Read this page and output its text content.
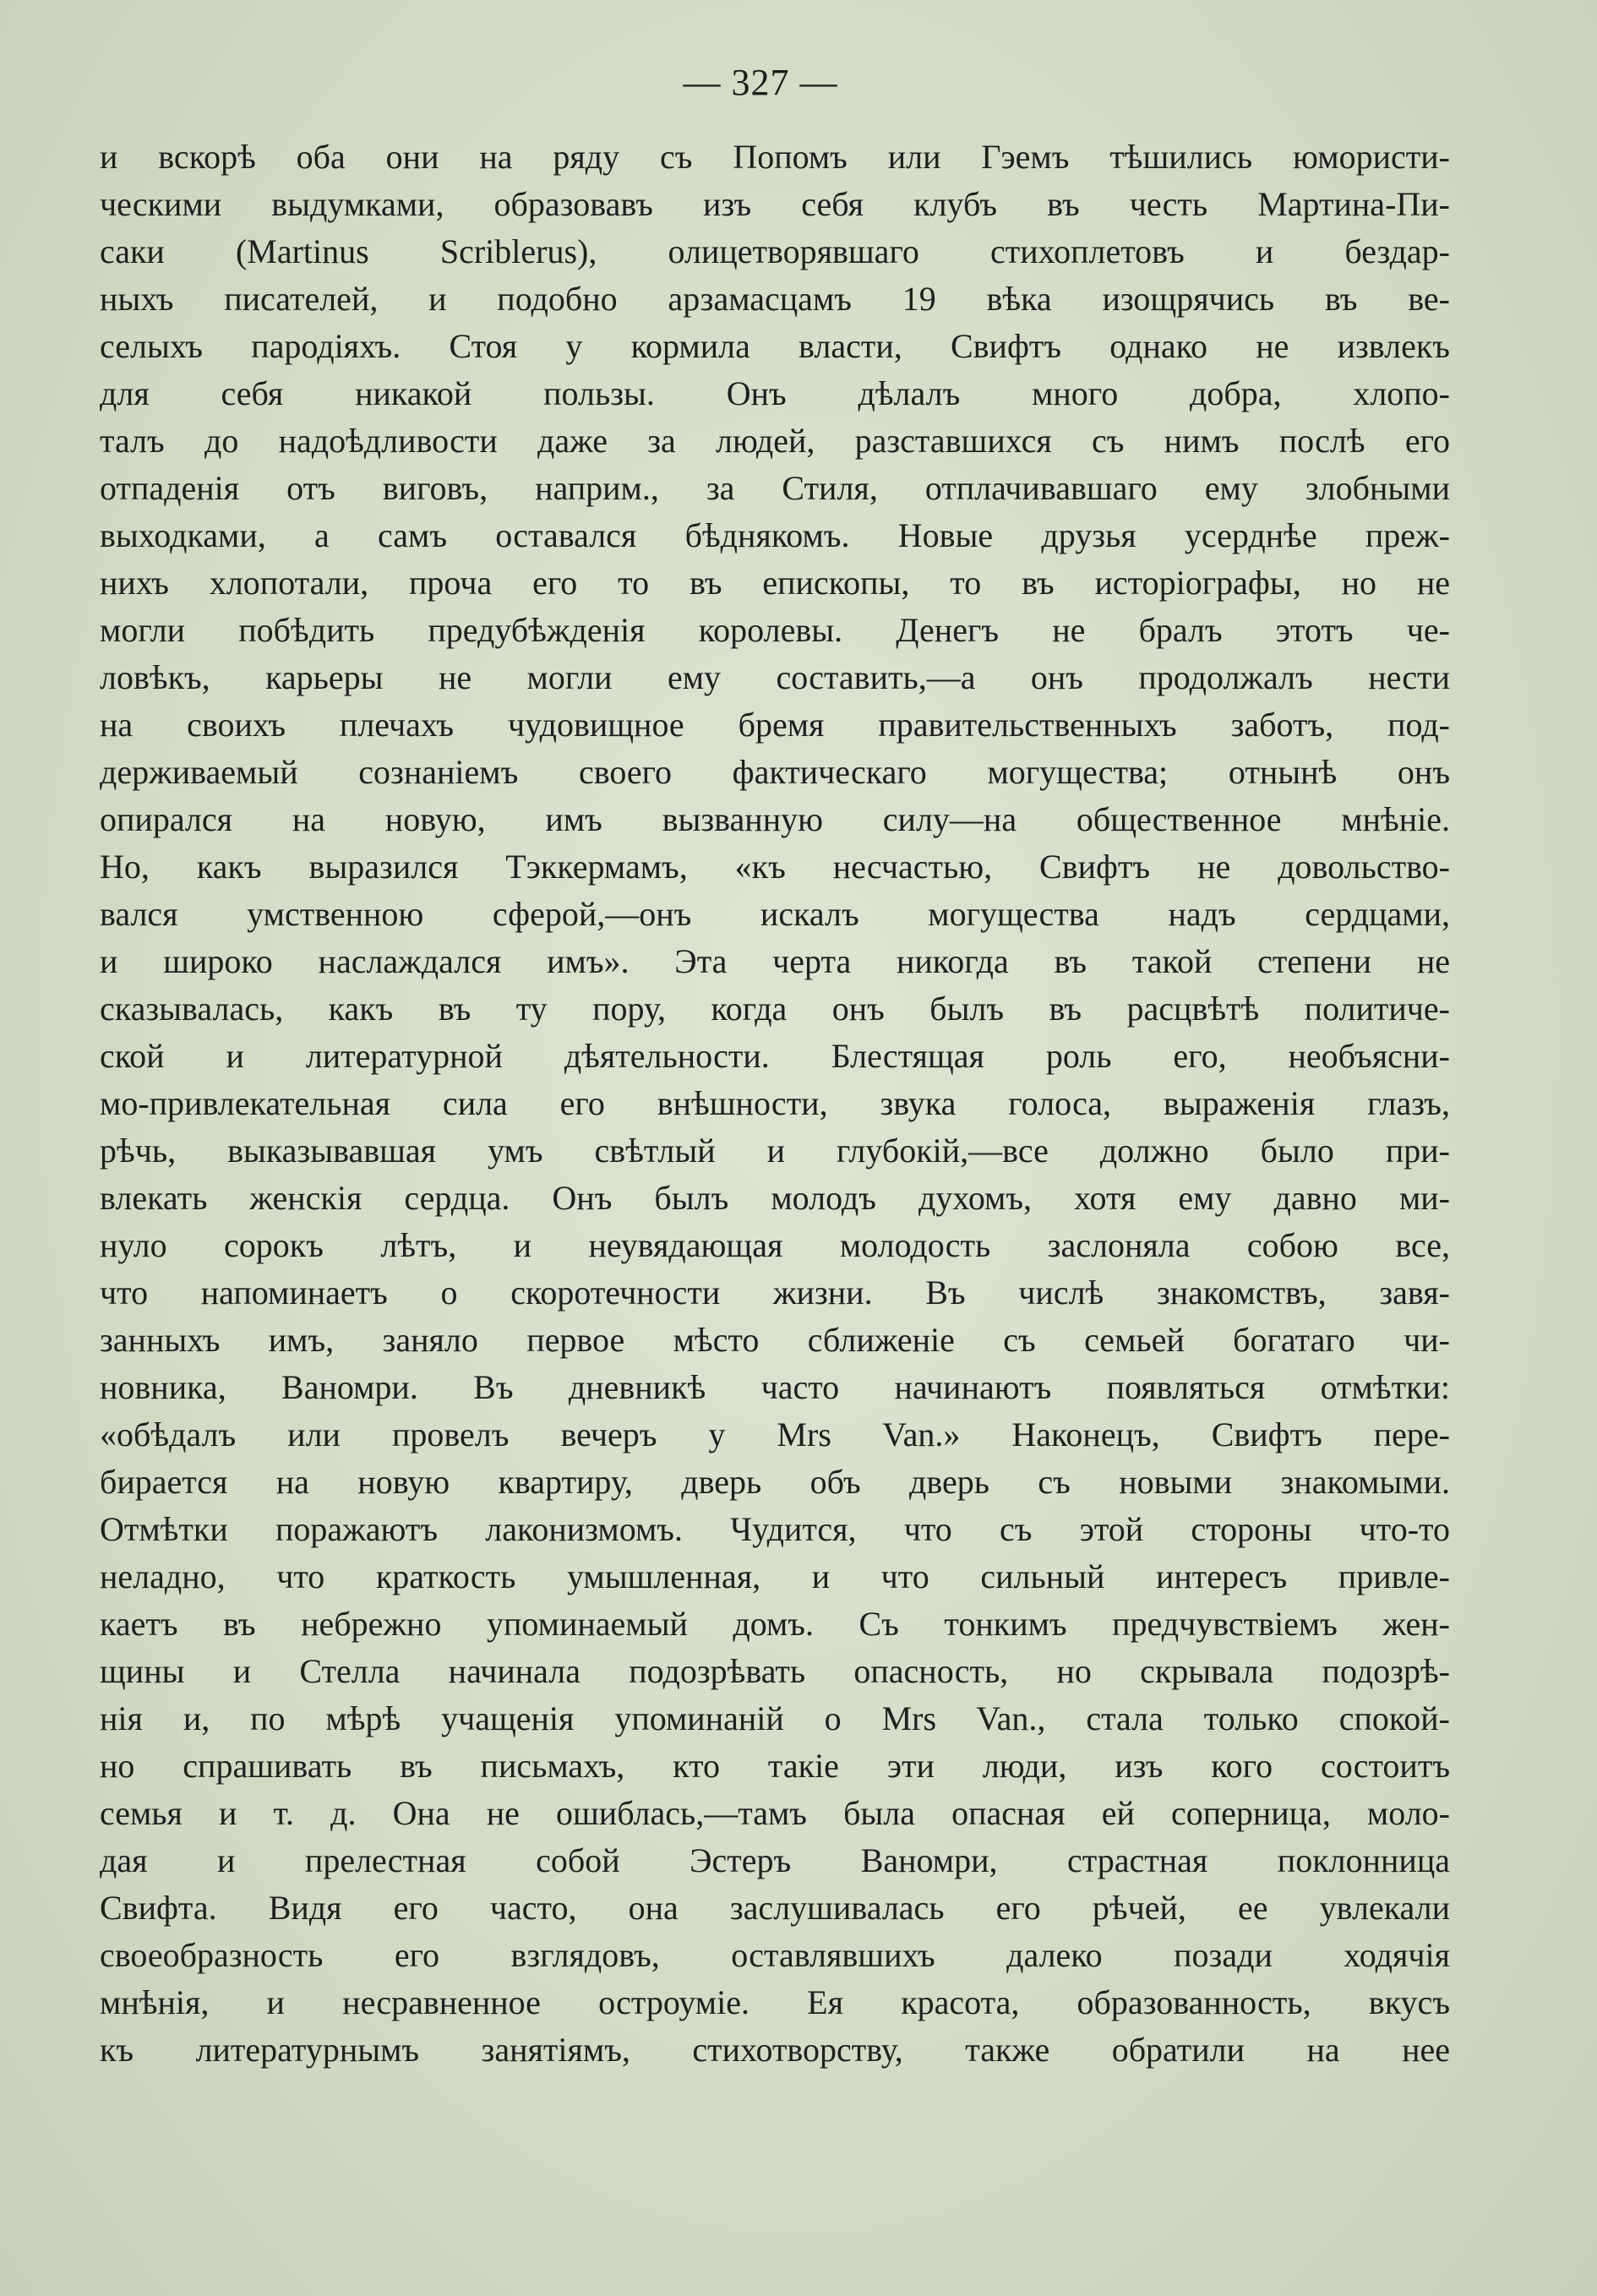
— 327 —
и вскорѣ оба они на ряду съ Попомъ или Гэемъ тѣшились юмористи-
ческими выдумками, образовавъ изъ себя клубъ въ честь Мартина-Пи-
саки (Martinus Scriblerus), олицетворявшаго стихоплетовъ и бездар-
ныхъ писателей, и подобно арзамасцамъ 19 вѣка изощрячись въ ве-
селыхъ пародіяхъ. Стоя у кормила власти, Свифтъ однако не извлекъ
для себя никакой пользы. Онъ дѣлалъ много добра, хлопо-
талъ до надоѣдливости даже за людей, разставшихся съ нимъ послѣ его
отпаденія отъ виговъ, наприм., за Стиля, отплачивавшаго ему злобными
выходками, а самъ оставался бѣднякомъ. Новые друзья усерднѣе преж-
нихъ хлопотали, проча его то въ епископы, то въ исторіографы, но не
могли побѣдить предубѣжденія королевы. Денегъ не бралъ этотъ че-
ловѣкъ, карьеры не могли ему составить,—а онъ продолжалъ нести
на своихъ плечахъ чудовищное бремя правительственныхъ заботъ, под-
держиваемый сознаніемъ своего фактическаго могущества; отнынѣ онъ
опирался на новую, имъ вызванную силу—на общественное мнѣніе.
Но, какъ выразился Тэккермамъ, «къ несчастью, Свифтъ не довольство-
вался умственною сферой,—онъ искалъ могущества надъ сердцами,
и широко наслаждался имъ». Эта черта никогда въ такой степени не
сказывалась, какъ въ ту пору, когда онъ былъ въ расцвѣтѣ политиче-
ской и литературной дѣятельности. Блестящая роль его, необъясни-
мо-привлекательная сила его внѣшности, звука голоса, выраженія глазъ,
рѣчь, выказывавшая умъ свѣтлый и глубокій,—все должно было при-
влекать женскія сердца. Онъ былъ молодъ духомъ, хотя ему давно ми-
нуло сорокъ лѣтъ, и неувядающая молодость заслоняла собою все,
что напоминаетъ о скоротечности жизни. Въ числѣ знакомствъ, завя-
занныхъ имъ, заняло первое мѣсто сближеніе съ семьей богатаго чи-
новника, Ваномри. Въ дневникѣ часто начинаютъ появляться отмѣтки:
«обѣдалъ или провелъ вечеръ у Mrs Van.» Наконецъ, Свифтъ пере-
бирается на новую квартиру, дверь объ дверь съ новыми знакомыми.
Отмѣтки поражаютъ лаконизмомъ. Чудится, что съ этой стороны что-то
неладно, что краткость умышленная, и что сильный интересъ привле-
каетъ въ небрежно упоминаемый домъ. Съ тонкимъ предчувствіемъ жен-
щины и Стелла начинала подозрѣвать опасность, но скрывала подозрѣ-
нія и, по мѣрѣ учащенія упоминаній о Mrs Van., стала только спокой-
но спрашивать въ письмахъ, кто такіе эти люди, изъ кого состоитъ
семья и т. д. Она не ошиблась,—тамъ была опасная ей соперница, моло-
дая и прелестная собой Эстеръ Ваномри, страстная поклонница
Свифта. Видя его часто, она заслушивалась его рѣчей, ее увлекали
своеобразность его взглядовъ, оставлявшихъ далеко позади ходячія
мнѣнія, и несравненное остроуміе. Ея красота, образованность, вкусъ
къ литературнымъ занятіямъ, стихотворству, также обратили на нее
